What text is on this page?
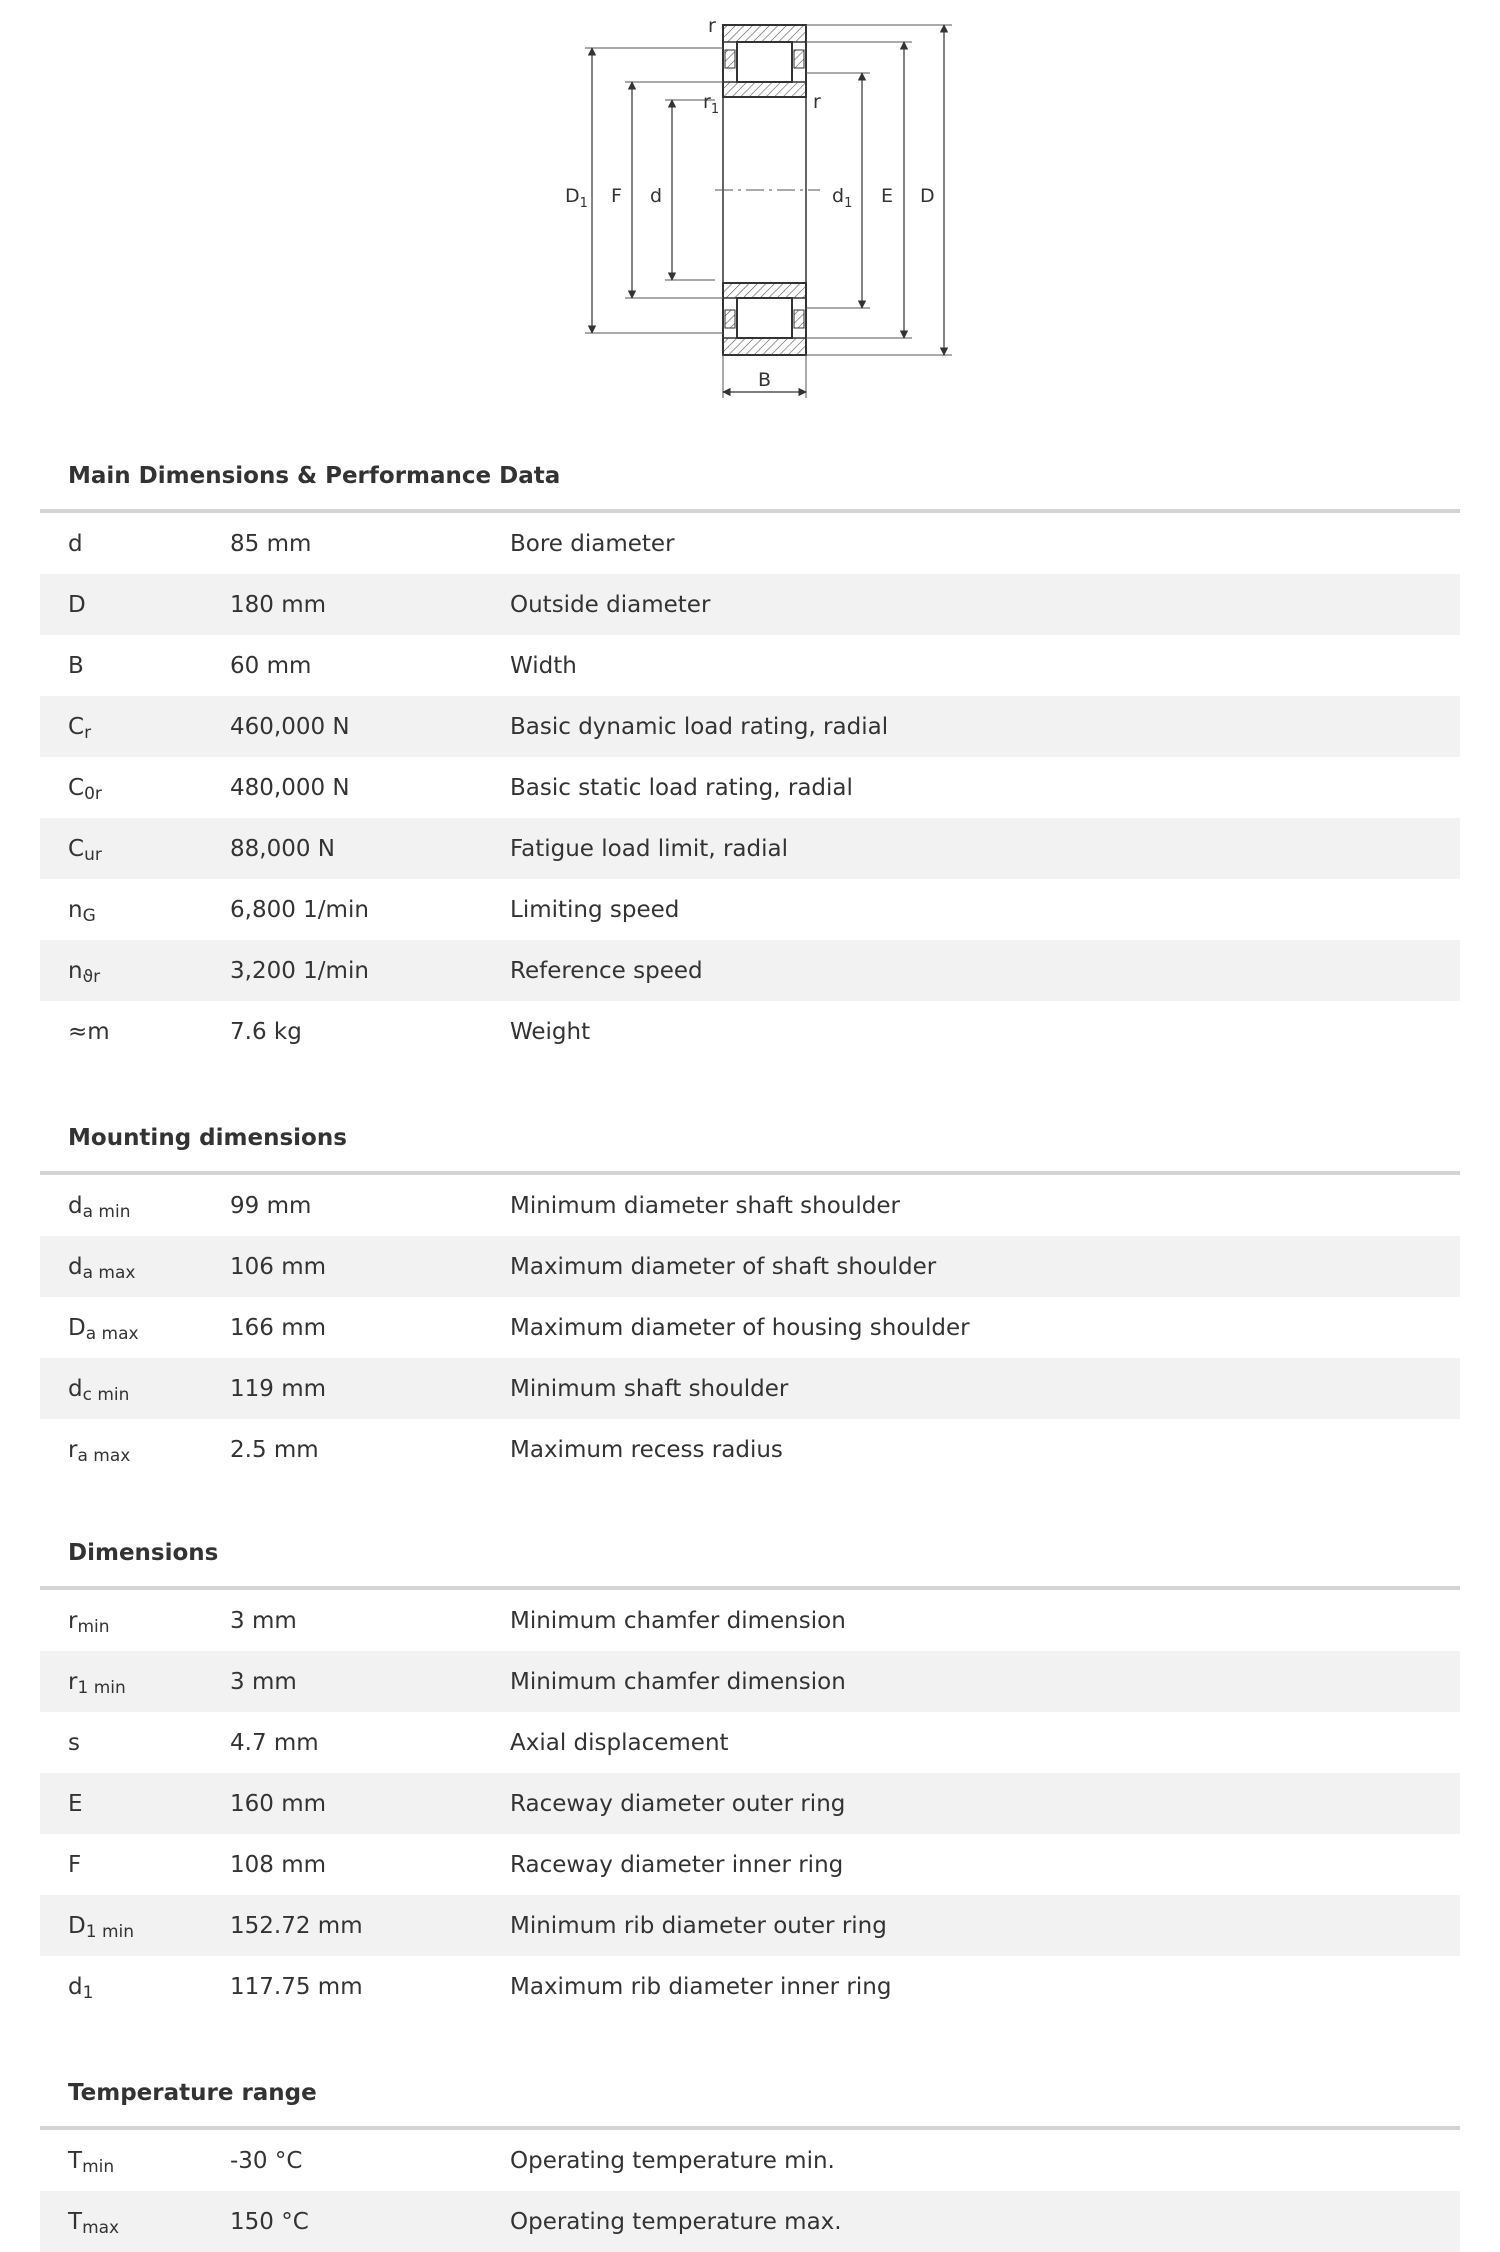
r
$r_1$	r
$D_1$ F d	$d_1$ E D
B
Main Dimensions & Performance Data
d	85 mm	Bore diameter
D	180 mm	Outside diameter
B	60 mm	Width
$C_r$	460,000 N	Basic dynamic load rating, radial
$C_{0r}$	480,000 N	Basic static load rating, radial
$C_{ur}$	88,000 N	Fatigue load limit, radial
$n_G$	6,800 1/min	Limiting speed
$n_{ϑr}$	3,200 1/min	Reference speed
≈m	7.6 kg	Weight
Mounting dimensions
$d_{a min}$	99 mm	Minimum diameter shaft shoulder
$d_{a max}$	106 mm	Maximum diameter of shaft shoulder
$D_{a max}$	166 mm	Maximum diameter of housing shoulder
$d_{c min}$	119 mm	Minimum shaft shoulder
$r_{a max}$	2.5 mm	Maximum recess radius
Dimensions
$r_{min}$	3 mm	Minimum chamfer dimension
$r_{1 min}$	3 mm	Minimum chamfer dimension
s	4.7 mm	Axial displacement
E	160 mm	Raceway diameter outer ring
F	108 mm	Raceway diameter inner ring
$D_{1 min}$	152.72 mm	Minimum rib diameter outer ring
$d_1$	117.75 mm	Maximum rib diameter inner ring
Temperature range
$T_{min}$	-30 °C	Operating temperature min.
$T_{max}$	150 °C	Operating temperature max.
